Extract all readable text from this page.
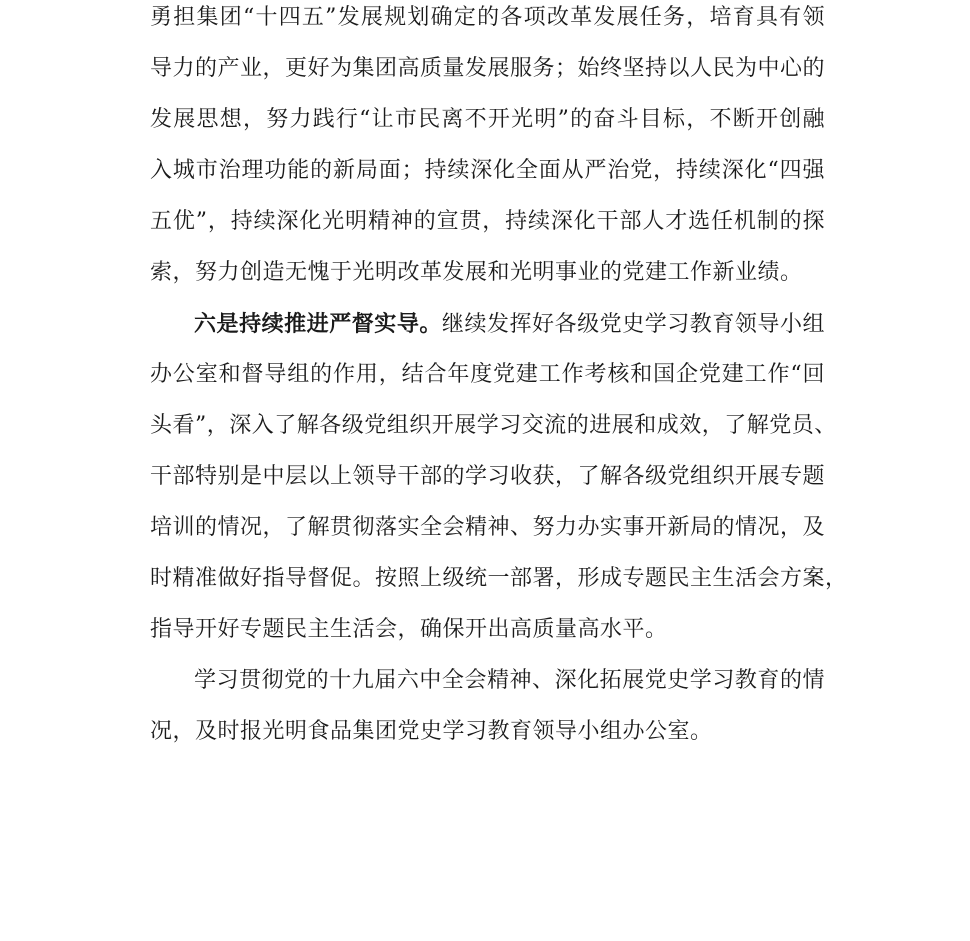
勇担集团“十四五”发展规划确定的各项改革发展任务，培育具有领
导力的产业，更好为集团高质量发展服务；始终坚持以人民为中心的
发展思想，努力践行“让市民离不开光明”的奋斗目标，不断开创融
入城市治理功能的新局面；持续深化全面从严治党，持续深化“四强
五优”，持续深化光明精神的宣贯，持续深化干部人才选任机制的探
索，努力创造无愧于光明改革发展和光明事业的党建工作新业绩。
六是持续推进严督实导。继续发挥好各级党史学习教育领导小组
办公室和督导组的作用，结合年度党建工作考核和国企党建工作“回
头看”，深入了解各级党组织开展学习交流的进展和成效，了解党员、
干部特别是中层以上领导干部的学习收获，了解各级党组织开展专题
培训的情况，了解贯彻落实全会精神、努力办实事开新局的情况，及
时精准做好指导督促。按照上级统一部署，形成专题民主生活会方案，
指导开好专题民主生活会，确保开出高质量高水平。
学习贯彻党的十九届六中全会精神、深化拓展党史学习教育的情
况，及时报光明食品集团党史学习教育领导小组办公室。
